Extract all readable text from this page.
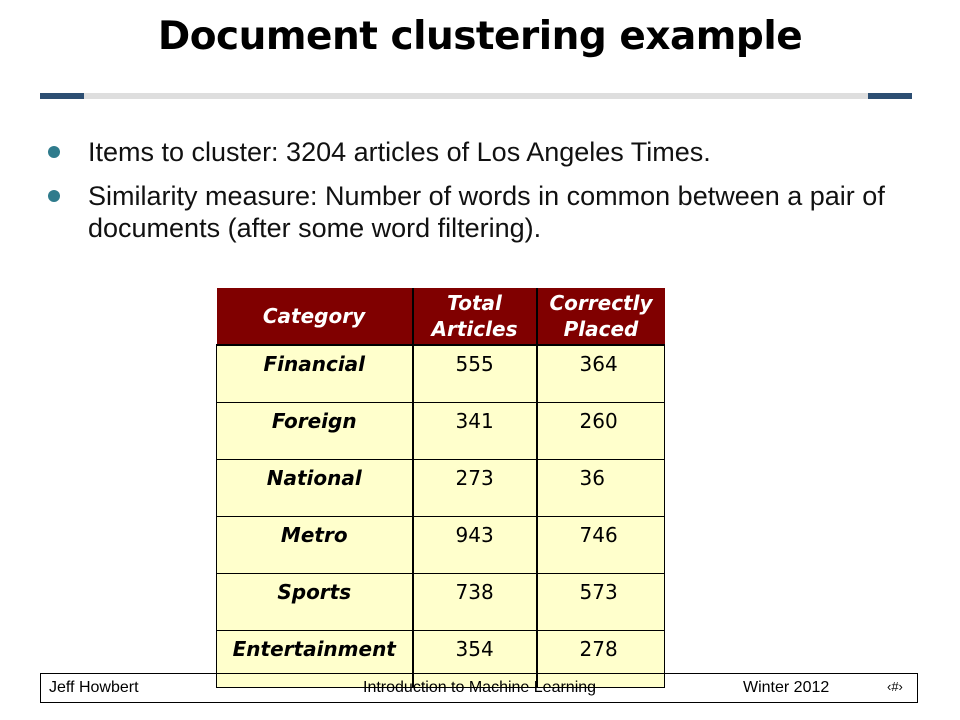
Document clustering example
Items to cluster: 3204 articles of Los Angeles Times.
Similarity measure: Number of words in common between a pair of documents (after some word filtering).
Category	Total Articles	Correctly Placed
Financial	555	364
Foreign	341	260
National	273	36
Metro	943	746
Sports	738	573
Entertainment	354	278
Jeff Howbert	Introduction to Machine Learning	Winter 2012	‹#›
